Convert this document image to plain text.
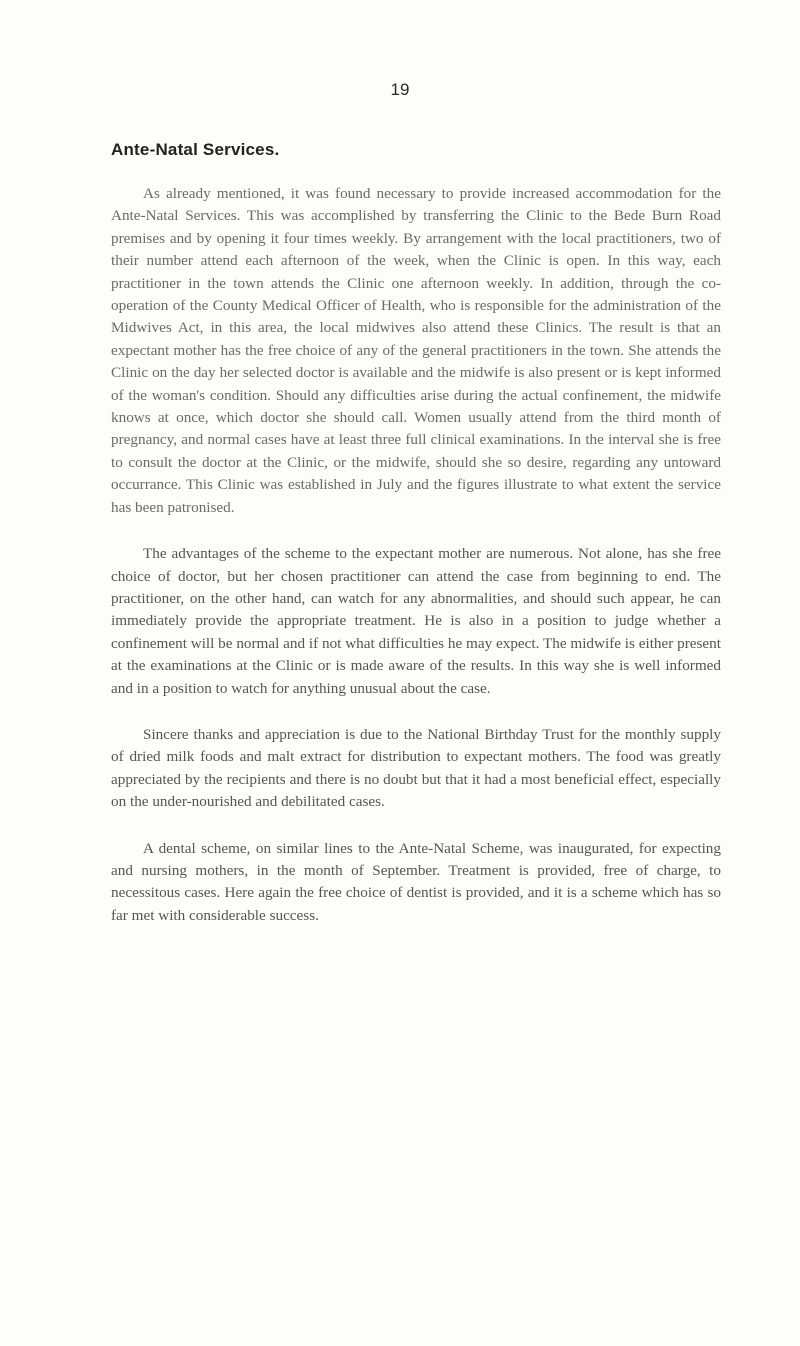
19
Ante-Natal Services.

As already mentioned, it was found necessary to provide increased accommodation for the Ante-Natal Services. This was accomplished by transferring the Clinic to the Bede Burn Road premises and by opening it four times weekly. By arrangement with the local practitioners, two of their number attend each afternoon of the week, when the Clinic is open. In this way, each practitioner in the town attends the Clinic one afternoon weekly. In addition, through the co-operation of the County Medical Officer of Health, who is responsible for the administration of the Midwives Act, in this area, the local midwives also attend these Clinics. The result is that an expectant mother has the free choice of any of the general practitioners in the town. She attends the Clinic on the day her selected doctor is available and the midwife is also present or is kept informed of the woman's condition. Should any difficulties arise during the actual confinement, the midwife knows at once, which doctor she should call. Women usually attend from the third month of pregnancy, and normal cases have at least three full clinical examinations. In the interval she is free to consult the doctor at the Clinic, or the midwife, should she so desire, regarding any untoward occurrance. This Clinic was established in July and the figures illustrate to what extent the service has been patronised.

The advantages of the scheme to the expectant mother are numerous. Not alone, has she free choice of doctor, but her chosen practitioner can attend the case from beginning to end. The practitioner, on the other hand, can watch for any abnormalities, and should such appear, he can immediately provide the appropriate treatment. He is also in a position to judge whether a confinement will be normal and if not what difficulties he may expect. The midwife is either present at the examinations at the Clinic or is made aware of the results. In this way she is well informed and in a position to watch for anything unusual about the case.

Sincere thanks and appreciation is due to the National Birthday Trust for the monthly supply of dried milk foods and malt extract for distribution to expectant mothers. The food was greatly appreciated by the recipients and there is no doubt but that it had a most beneficial effect, especially on the under-nourished and debilitated cases.

A dental scheme, on similar lines to the Ante-Natal Scheme, was inaugurated, for expecting and nursing mothers, in the month of September. Treatment is provided, free of charge, to necessitous cases. Here again the free choice of dentist is provided, and it is a scheme which has so far met with considerable success.
